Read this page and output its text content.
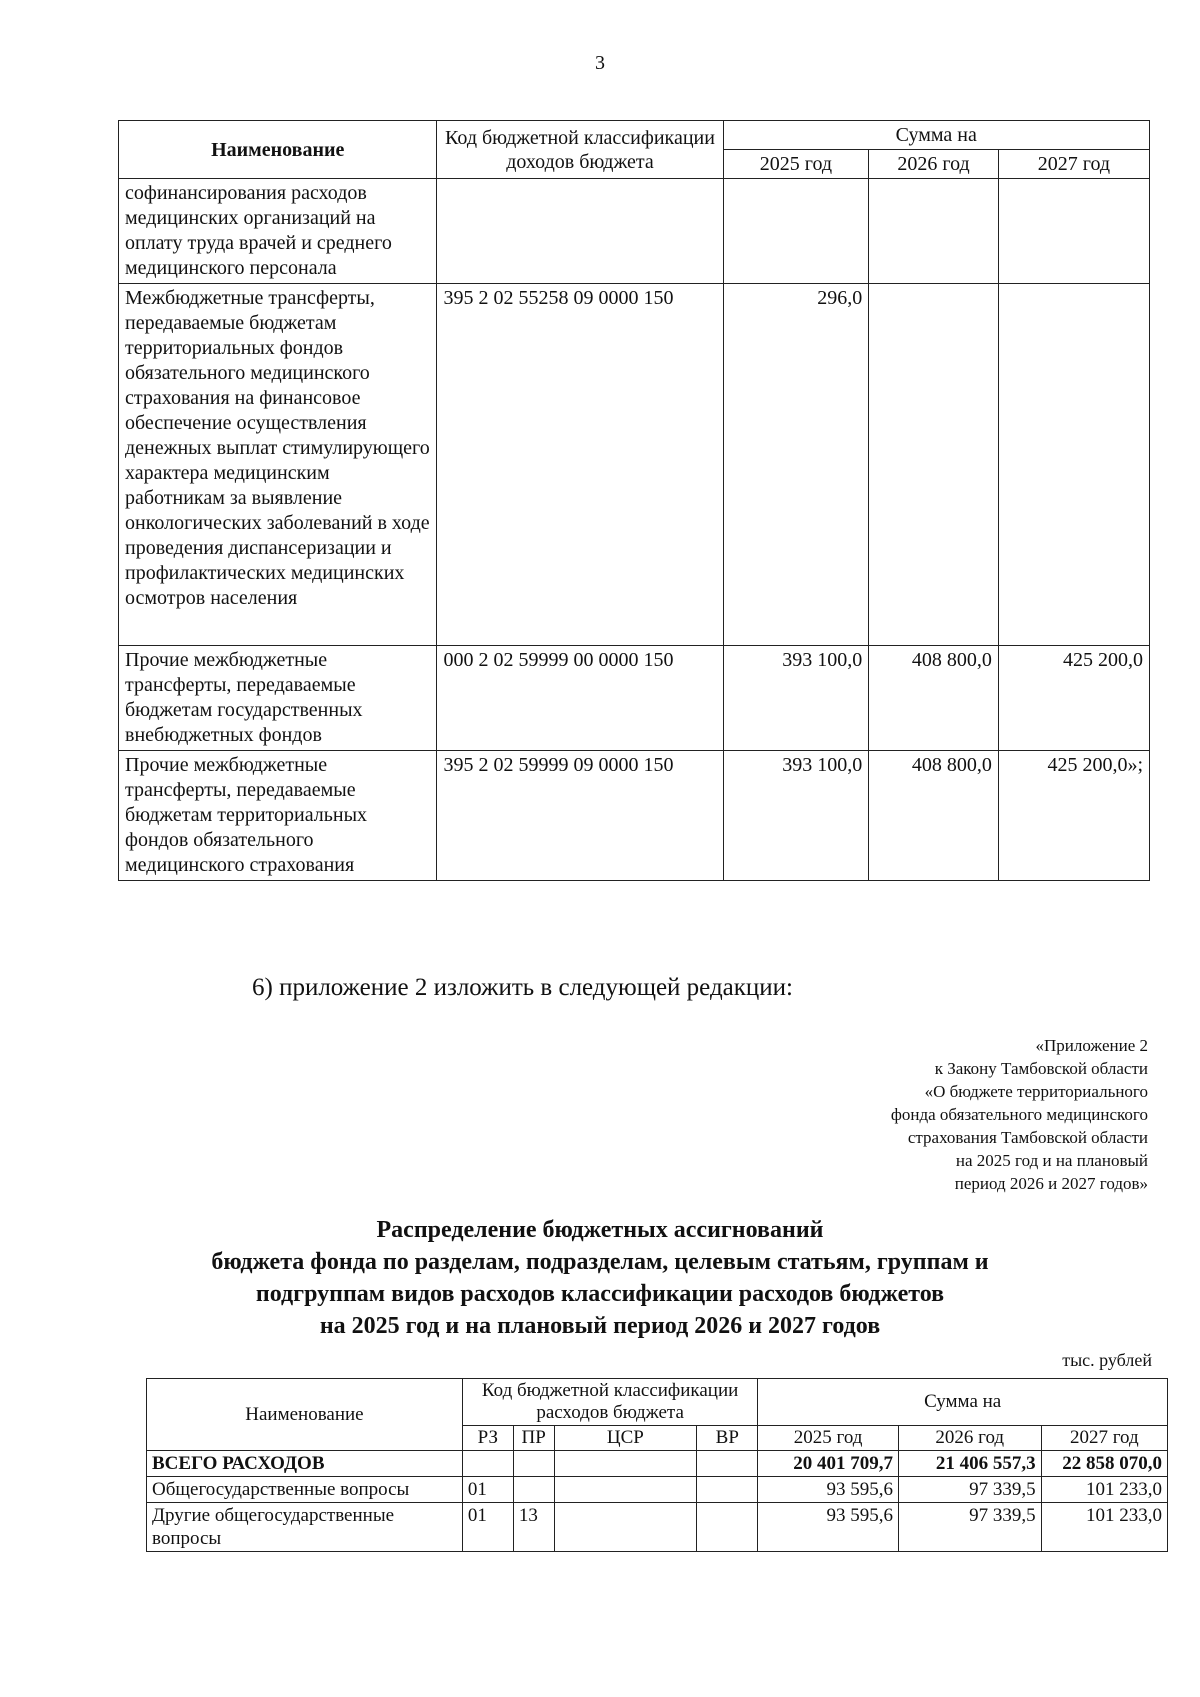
3
Наименование	Код бюджетной классификации доходов бюджета	Сумма на		
		2025 год	2026 год	2027 год
софинансирования расходов медицинских организаций на оплату труда врачей и среднего медицинского персонала				
Межбюджетные трансферты, передаваемые бюджетам территориальных фондов обязательного медицинского страхования на финансовое обеспечение осуществления денежных выплат стимулирующего характера медицинским работникам за выявление онкологических заболеваний в ходе проведения диспансеризации и профилактических медицинских осмотров населения	395 2 02 55258 09 0000 150	296,0		
Прочие межбюджетные трансферты, передаваемые бюджетам государственных внебюджетных фондов	000 2 02 59999 00 0000 150	393 100,0	408 800,0	425 200,0
Прочие межбюджетные трансферты, передаваемые бюджетам территориальных фондов обязательного медицинского страхования	395 2 02 59999 09 0000 150	393 100,0	408 800,0	425 200,0»;
6) приложение 2 изложить в следующей редакции:
«Приложение 2
к Закону Тамбовской области
«О бюджете территориального
фонда обязательного медицинского
страхования Тамбовской области
на 2025 год и на плановый
период 2026 и 2027 годов»
Распределение бюджетных ассигнований
бюджета фонда по разделам, подразделам, целевым статьям, группам и
подгруппам видов расходов классификации расходов бюджетов
на 2025 год и на плановый период 2026 и 2027 годов
тыс. рублей
Наименование	Код бюджетной классификации расходов бюджета				Сумма на		
	РЗ	ПР	ЦСР	ВР	2025 год	2026 год	2027 год
ВСЕГО РАСХОДОВ					20 401 709,7	21 406 557,3	22 858 070,0
Общегосударственные вопросы	01				93 595,6	97 339,5	101 233,0
Другие общегосударственные вопросы	01	13			93 595,6	97 339,5	101 233,0
